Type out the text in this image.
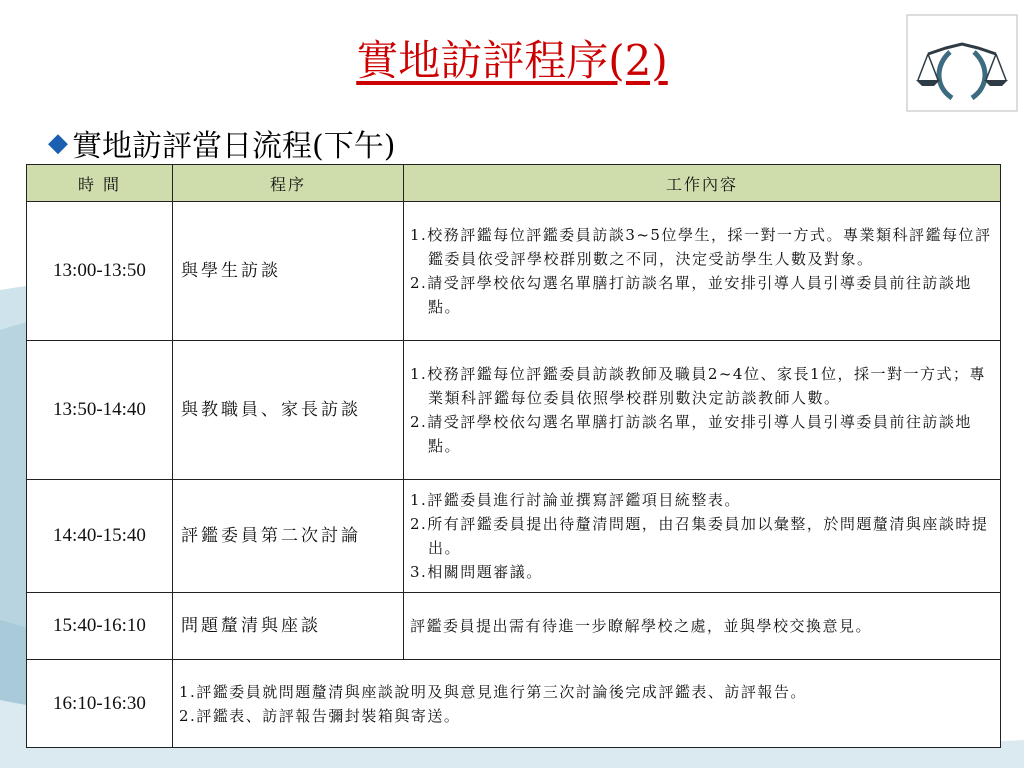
實地訪評程序(2)
◆ 實地訪評當日流程(下午)
時 間	程序	工作內容
13:00-13:50	與學生訪談	1.校務評鑑每位評鑑委員訪談3~5位學生，採一對一方式。專業類科評鑑每位評鑑委員依受評學校群別數之不同，決定受訪學生人數及對象。
2.請受評學校依勾選名單膳打訪談名單，並安排引導人員引導委員前往訪談地點。

13:50-14:40	與教職員、家長訪談	1.校務評鑑每位評鑑委員訪談教師及職員2~4位、家長1位，採一對一方式；專業類科評鑑每位委員依照學校群別數決定訪談教師人數。
2.請受評學校依勾選名單膳打訪談名單，並安排引導人員引導委員前往訪談地點。

14:40-15:40	評鑑委員第二次討論	1.評鑑委員進行討論並撰寫評鑑項目統整表。
2.所有評鑑委員提出待釐清問題，由召集委員加以彙整，於問題釐清與座談時提出。
3.相關問題審議。

15:40-16:10	問題釐清與座談	評鑑委員提出需有待進一步瞭解學校之處，並與學校交換意見。
16:10-16:30	1.評鑑委員就問題釐清與座談說明及與意見進行第三次討論後完成評鑑表、訪評報告。
2.評鑑表、訪評報告彌封裝箱與寄送。	
